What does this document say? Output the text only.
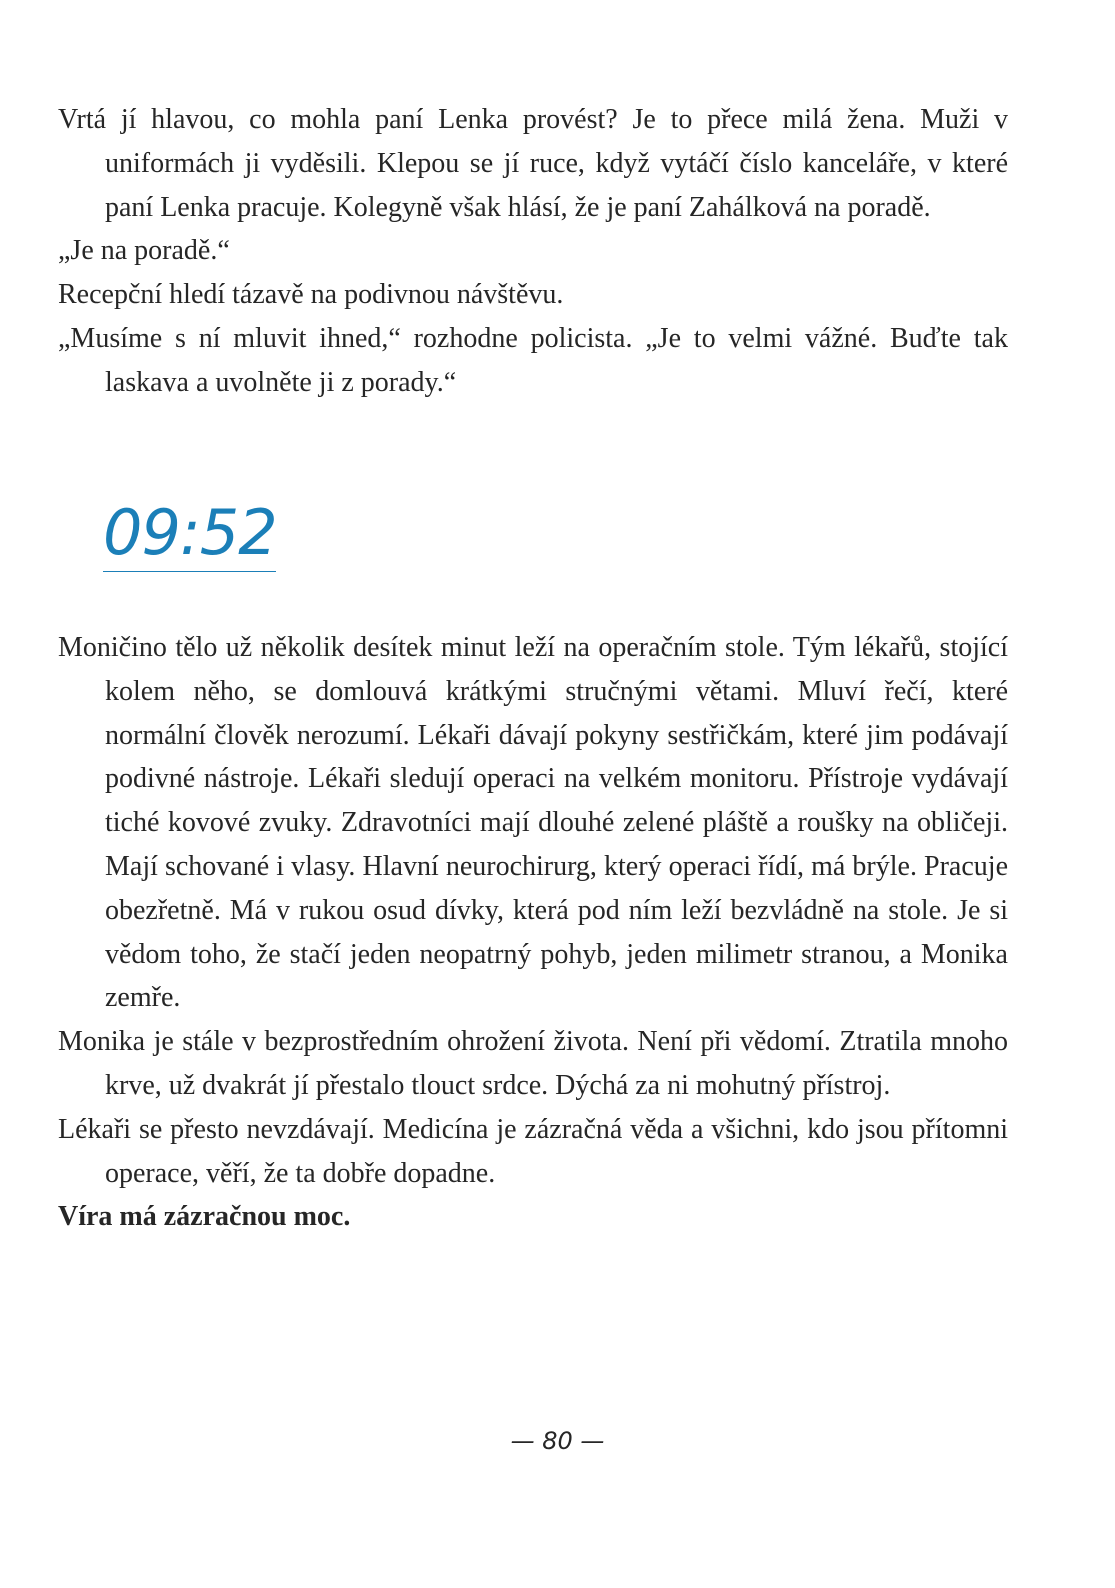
Vrtá jí hlavou, co mohla paní Lenka provést? Je to přece milá žena. Muži v uniformách ji vyděsili. Klepou se jí ruce, když vytáčí číslo kanceláře, v které paní Lenka pracuje. Kolegyně však hlásí, že je paní Zahálková na poradě.

„Je na poradě.“

Recepční hledí tázavě na podivnou návštěvu.

„Musíme s ní mluvit ihned,“ rozhodne policista. „Je to velmi vážné. Buďte tak laskava a uvolněte ji z porady.“

09:52

Moničino tělo už několik desítek minut leží na operačním stole. Tým lékařů, stojící kolem něho, se domlouvá krátkými stručnými větami. Mluví řečí, které normální člověk nerozumí. Lékaři dávají pokyny sestřičkám, které jim podávají podivné nástroje. Lékaři sledují operaci na velkém monitoru. Přístroje vydávají tiché kovové zvuky. Zdravotníci mají dlouhé zelené pláště a roušky na obličeji. Mají schované i vlasy. Hlavní neurochirurg, který operaci řídí, má brýle. Pracuje obezřetně. Má v rukou osud dívky, která pod ním leží bezvládně na stole. Je si vědom toho, že stačí jeden neopatrný pohyb, jeden milimetr stranou, a Monika zemře.

Monika je stále v bezprostředním ohrožení života. Není při vědomí. Ztratila mnoho krve, už dvakrát jí přestalo tlouct srdce. Dýchá za ni mohutný přístroj.

Lékaři se přesto nevzdávají. Medicína je zázračná věda a všichni, kdo jsou přítomni operace, věří, že ta dobře dopadne.

Víra má zázračnou moc.

— 80 —
